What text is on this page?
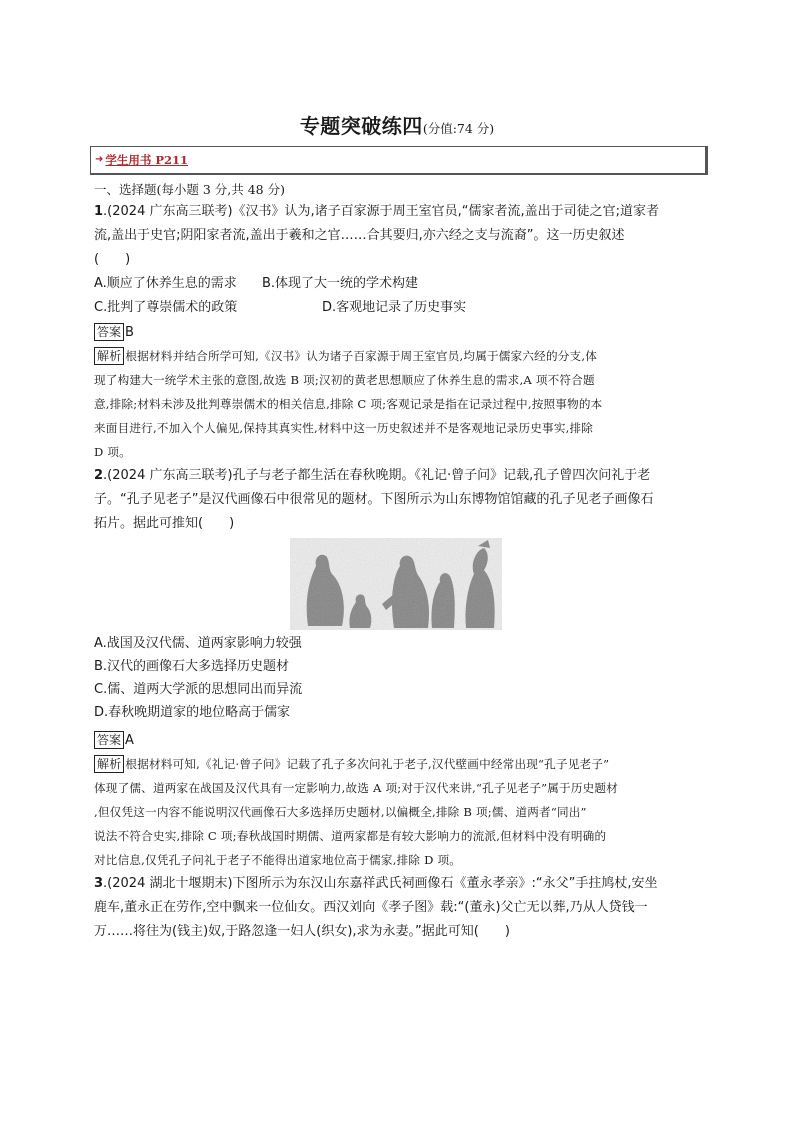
专题突破练四(分值:74 分)
➜ 学生用书 P211
一、选择题(每小题 3 分,共 48 分)
1.(2024 广东高三联考)《汉书》认为,诸子百家源于周王室官员,“儒家者流,盖出于司徒之官;道家者
流,盖出于史官;阴阳家者流,盖出于羲和之官……合其要归,亦六经之支与流裔”。这一历史叙述
(　　)
A.顺应了休养生息的需求 B.体现了大一统的学术构建
C.批判了尊崇儒术的政策	D.客观地记录了历史事实
答案 B
解析 根据材料并结合所学可知,《汉书》认为诸子百家源于周王室官员,均属于儒家六经的分支,体
现了构建大一统学术主张的意图,故选 B 项;汉初的黄老思想顺应了休养生息的需求,A 项不符合题
意,排除;材料未涉及批判尊崇儒术的相关信息,排除 C 项;客观记录是指在记录过程中,按照事物的本
来面目进行,不加入个人偏见,保持其真实性,材料中这一历史叙述并不是客观地记录历史事实,排除
D 项。
2.(2024 广东高三联考)孔子与老子都生活在春秋晚期。《礼记·曾子问》记载,孔子曾四次问礼于老
子。“孔子见老子”是汉代画像石中很常见的题材。下图所示为山东博物馆馆藏的孔子见老子画像石
拓片。据此可推知(　　)
A.战国及汉代儒、道两家影响力较强
B.汉代的画像石大多选择历史题材
C.儒、道两大学派的思想同出而异流
D.春秋晚期道家的地位略高于儒家
答案 A
解析 根据材料可知,《礼记·曾子问》记载了孔子多次问礼于老子,汉代壁画中经常出现“孔子见老子”
体现了儒、道两家在战国及汉代具有一定影响力,故选 A 项;对于汉代来讲,“孔子见老子”属于历史题材
,但仅凭这一内容不能说明汉代画像石大多选择历史题材,以偏概全,排除 B 项;儒、道两者“同出”
说法不符合史实,排除 C 项;春秋战国时期儒、道两家都是有较大影响力的流派,但材料中没有明确的
对比信息,仅凭孔子问礼于老子不能得出道家地位高于儒家,排除 D 项。
3.(2024 湖北十堰期末)下图所示为东汉山东嘉祥武氏祠画像石《董永孝亲》:“永父”手拄鸠杖,安坐
鹿车,董永正在劳作,空中飘来一位仙女。西汉刘向《孝子图》载:“(董永)父亡无以葬,乃从人贷钱一
万……将往为(钱主)奴,于路忽逢一妇人(织女),求为永妻。”据此可知(　　)
